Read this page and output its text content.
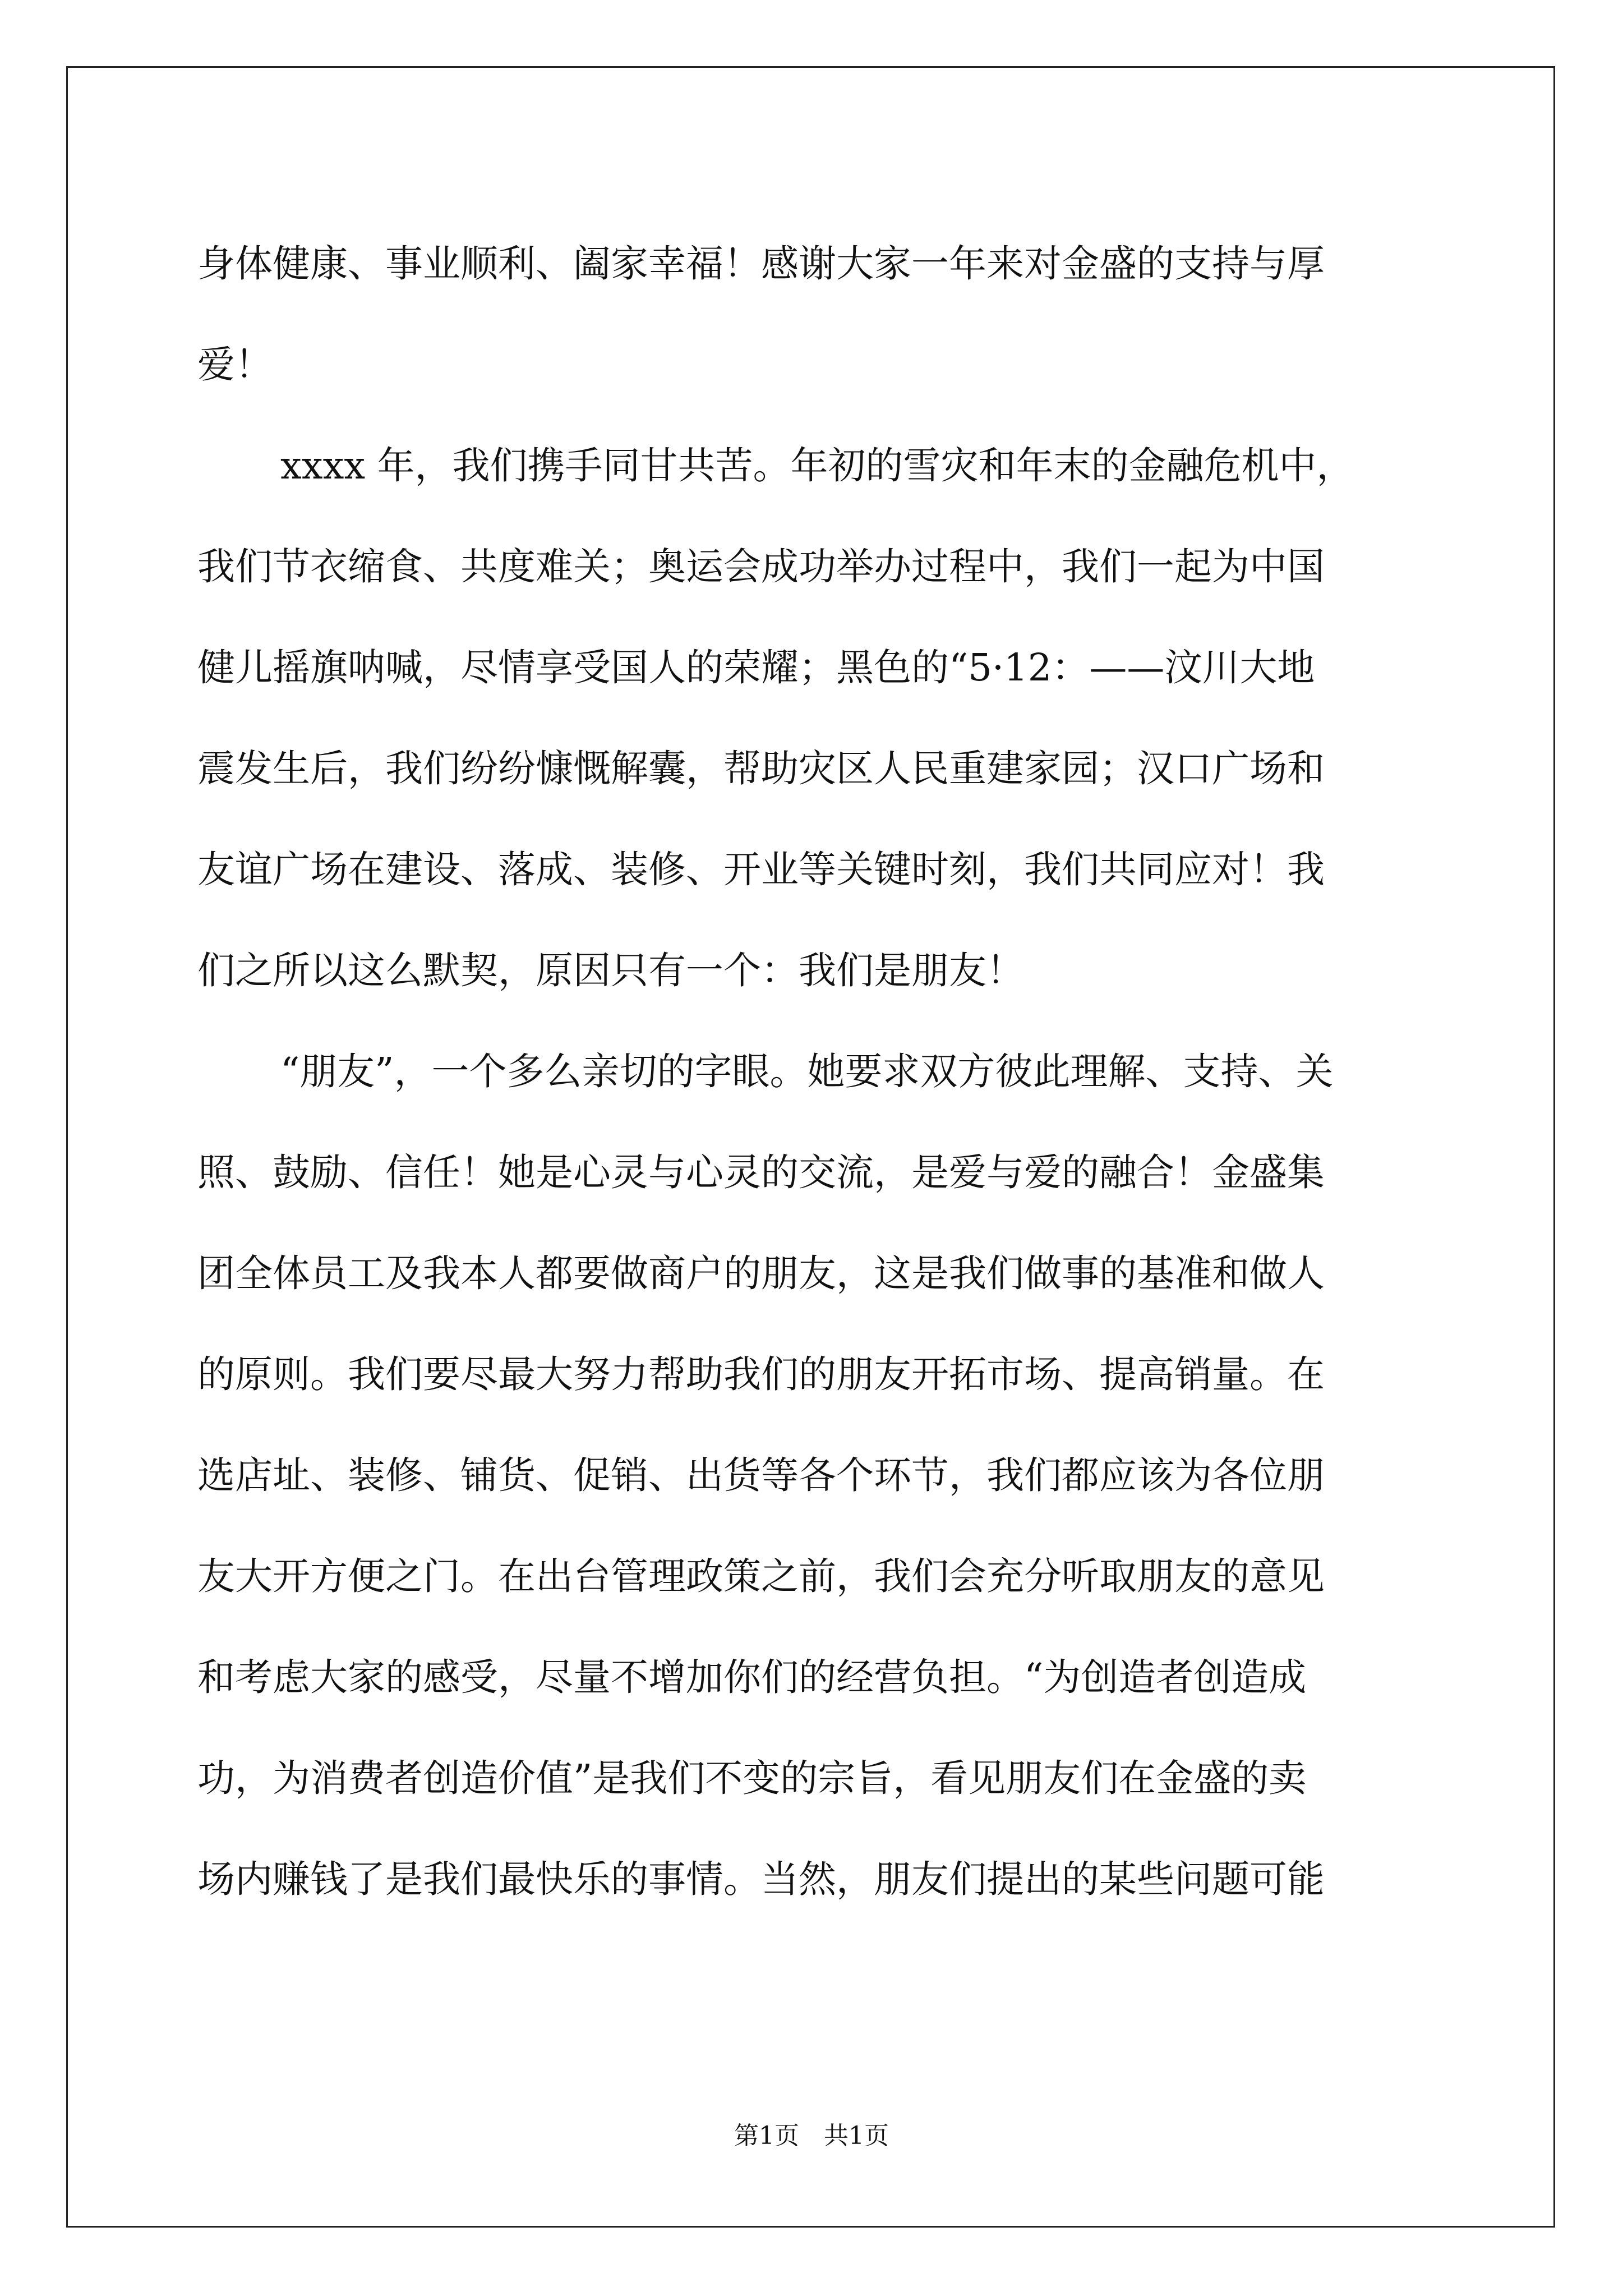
身体健康、事业顺利、阖家幸福！感谢大家一年来对金盛的支持与厚
爱！
xxxx 年，我们携手同甘共苦。年初的雪灾和年末的金融危机中，
我们节衣缩食、共度难关；奥运会成功举办过程中，我们一起为中国
健儿摇旗呐喊，尽情享受国人的荣耀；黑色的“5·12：——汶川大地
震发生后，我们纷纷慷慨解囊，帮助灾区人民重建家园；汉口广场和
友谊广场在建设、落成、装修、开业等关键时刻，我们共同应对！我
们之所以这么默契，原因只有一个：我们是朋友！
“朋友”，一个多么亲切的字眼。她要求双方彼此理解、支持、关
照、鼓励、信任！她是心灵与心灵的交流，是爱与爱的融合！金盛集
团全体员工及我本人都要做商户的朋友，这是我们做事的基准和做人
的原则。我们要尽最大努力帮助我们的朋友开拓市场、提高销量。在
选店址、装修、铺货、促销、出货等各个环节，我们都应该为各位朋
友大开方便之门。在出台管理政策之前，我们会充分听取朋友的意见
和考虑大家的感受，尽量不增加你们的经营负担。“为创造者创造成
功，为消费者创造价值”是我们不变的宗旨，看见朋友们在金盛的卖
场内赚钱了是我们最快乐的事情。当然，朋友们提出的某些问题可能
第1页　共1页
